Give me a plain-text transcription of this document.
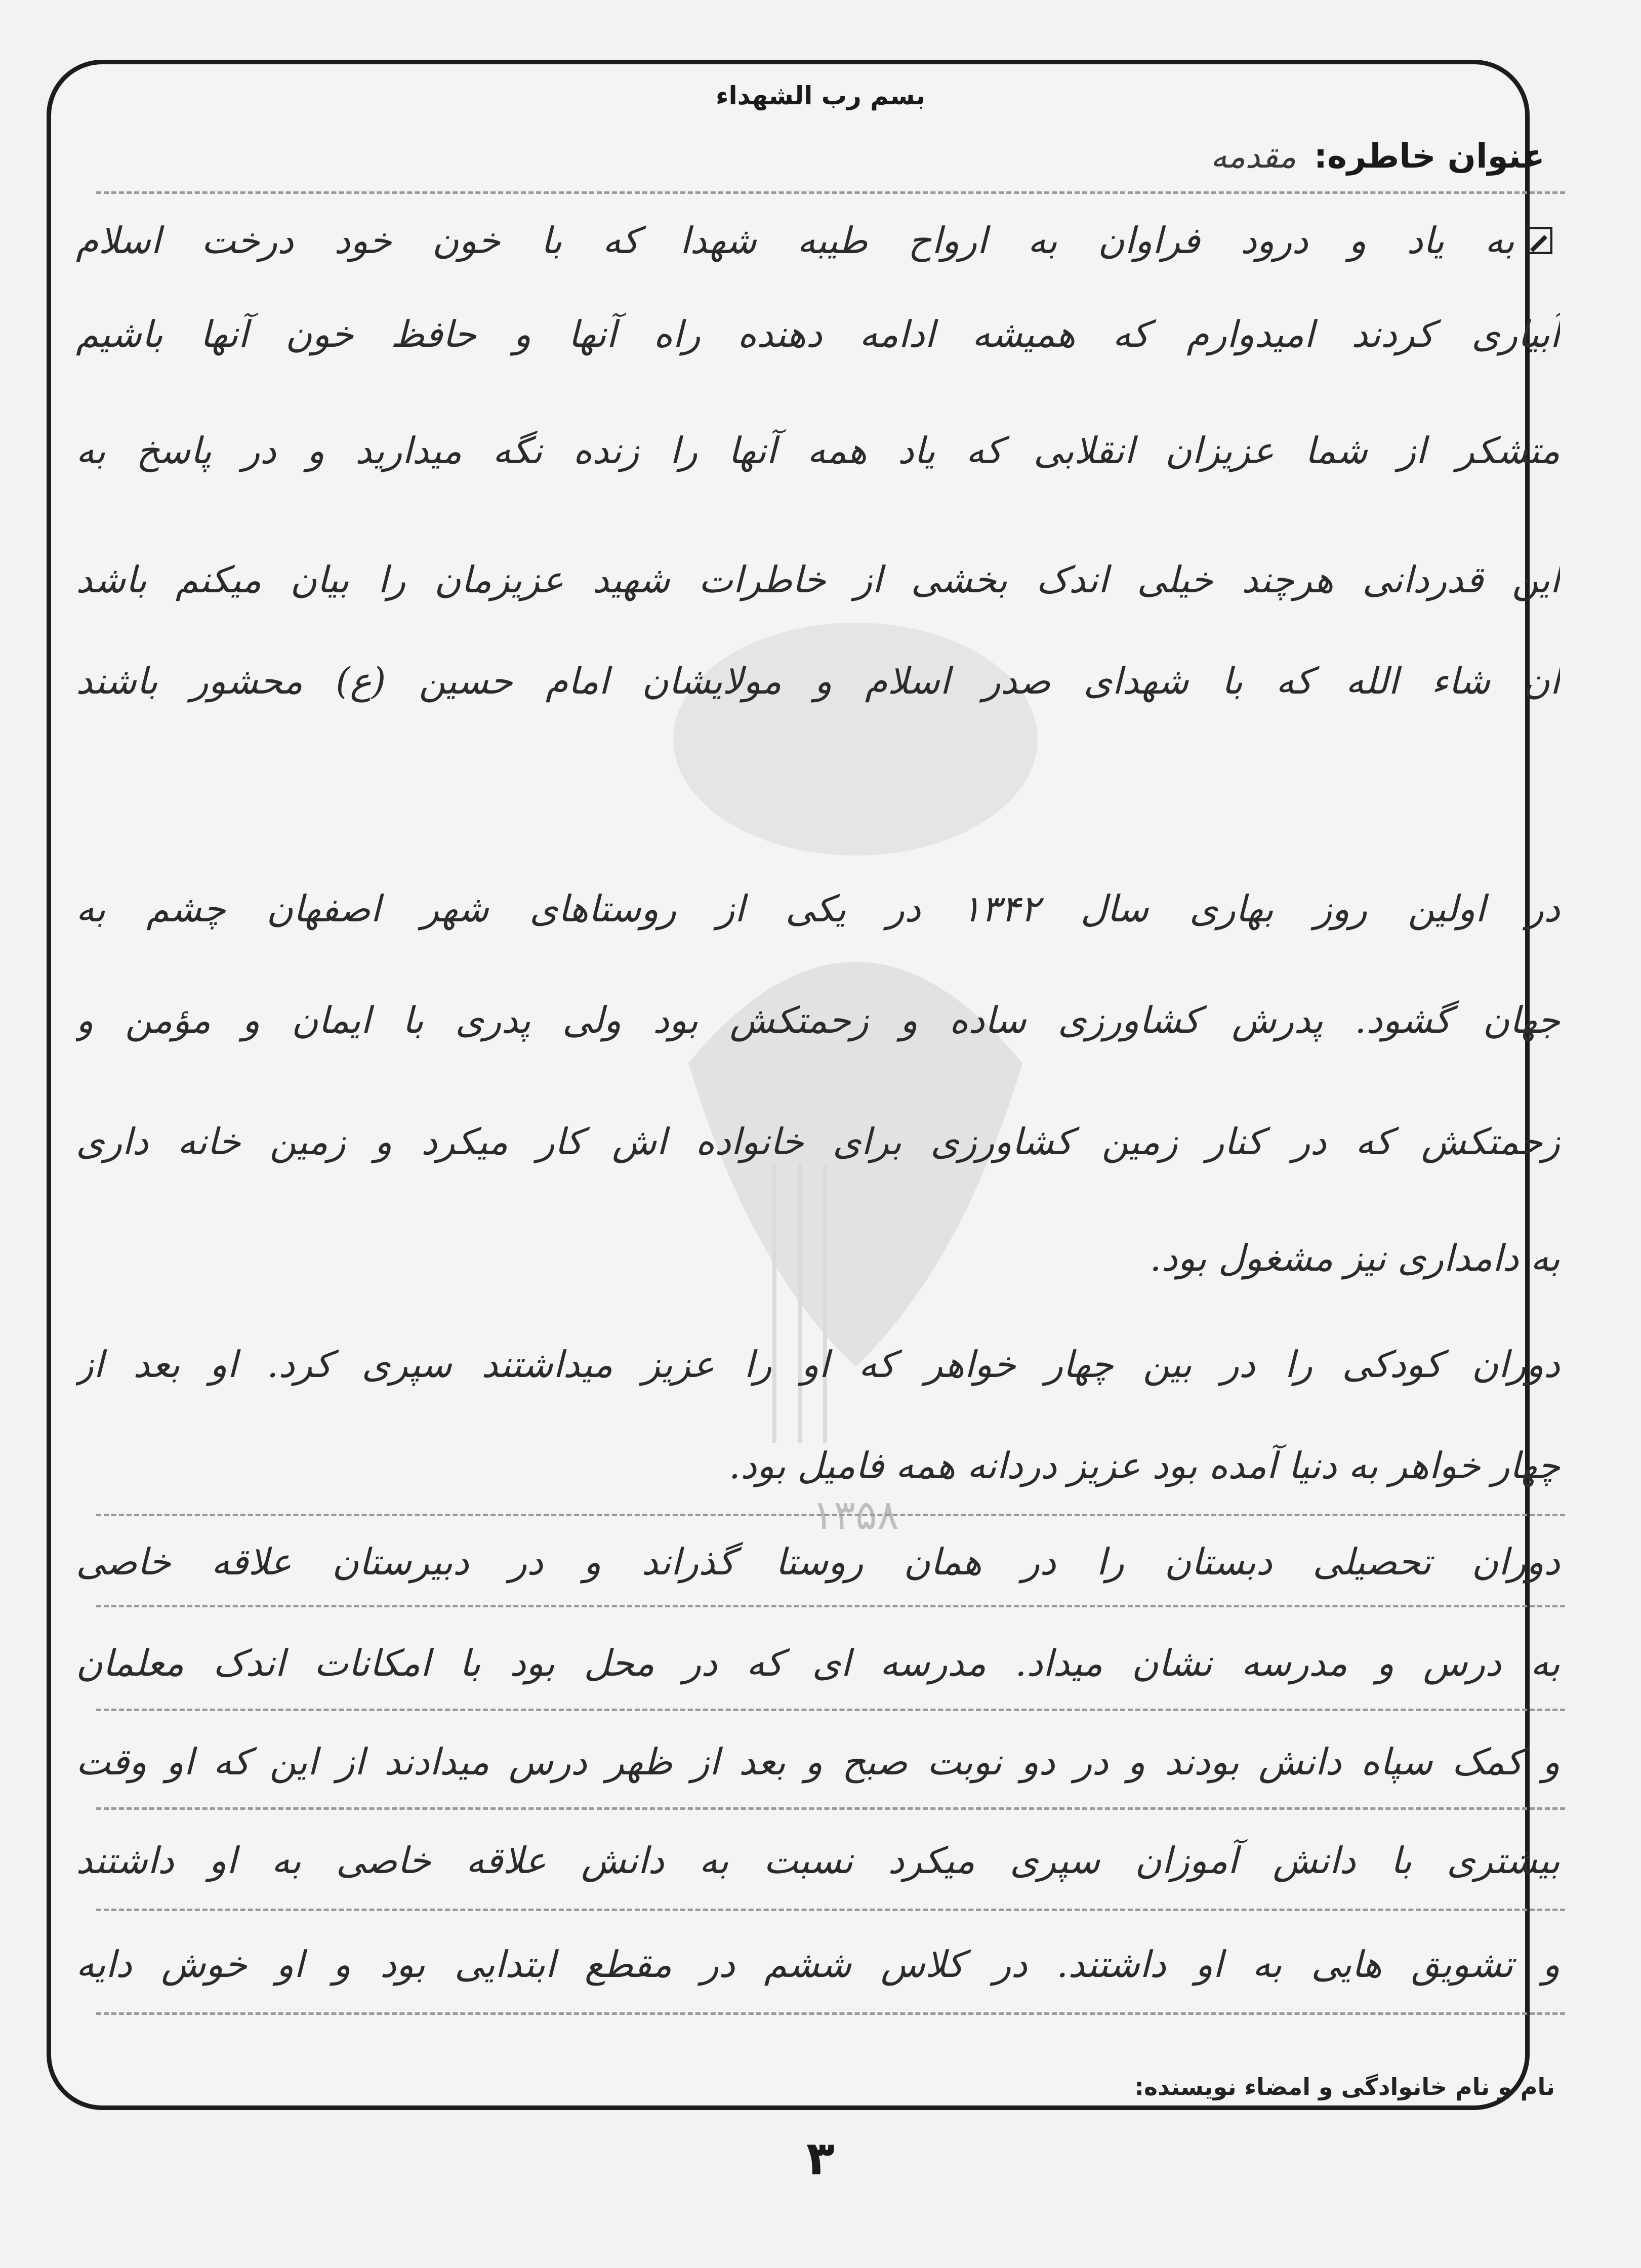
۱۳۵۸
بسم رب الشهداء
عنوان خاطره: مقدمه
به یاد و درود فراوان به ارواح طیبه شهدا که با خون خود درخت اسلام
آبیاری کردند امیدوارم که همیشه ادامه دهنده راه آنها و حافظ خون آنها باشیم
متشکر از شما عزیزان انقلابی که یاد همه آنها را زنده نگه میدارید و در پاسخ به
این قدردانی هرچند خیلی اندک بخشی از خاطرات شهید عزیزمان را بیان میکنم باشد
ان شاء الله که با شهدای صدر اسلام و مولایشان امام حسین (ع) محشور باشند
در اولین روز بهاری سال ۱۳۴۲ در یکی از روستاهای شهر اصفهان چشم به
جهان گشود. پدرش کشاورزی ساده و زحمتکش بود ولی پدری با ایمان و مؤمن و
زحمتکش که در کنار زمین کشاورزی برای خانواده اش کار میکرد و زمین خانه داری
به دامداری نیز مشغول بود.
دوران کودکی را در بین چهار خواهر که او را عزیز میداشتند سپری کرد. او بعد از
چهار خواهر به دنیا آمده بود عزیز دردانه همه فامیل بود.
دوران تحصیلی دبستان را در همان روستا گذراند و در دبیرستان علاقه خاصی
به درس و مدرسه نشان میداد. مدرسه ای که در محل بود با امکانات اندک معلمان
و کمک سپاه دانش بودند و در دو نوبت صبح و بعد از ظهر درس میدادند از این که او وقت
بیشتری با دانش آموزان سپری میکرد نسبت به دانش علاقه خاصی به او داشتند
و تشویق هایی به او داشتند. در کلاس ششم در مقطع ابتدایی بود و او خوش دایه
نام و نام خانوادگی و امضاء نویسنده:
۳
